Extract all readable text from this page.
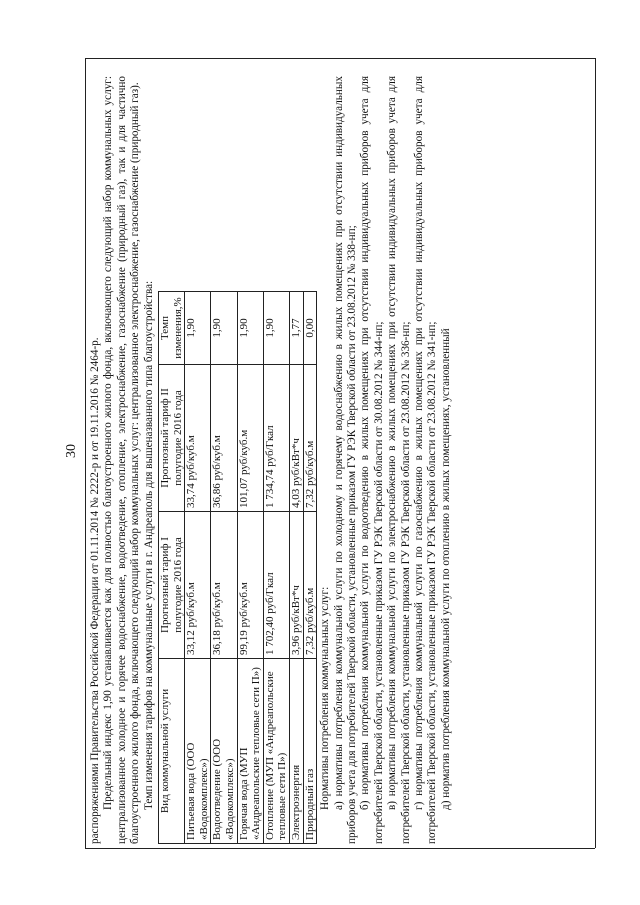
30 распоряжениями Правительства Российской Федерации от 01.11.2014 № 2222-р и от 19.11.2016 № 2464-р. Предельный индекс 1,90 устанавливается как для полностью благоустроенного жилого фонда, включающего следующий набор коммунальных услуг: централизованное холодное и горячее водоснабжение, водоотведение, отопление, электроснабжение, газоснабжение (природный газ), так и для частично благоустроенного жилого фонда, включающего следующий набор коммунальных услуг: централизованное электроснабжение, газоснабжение (природный газ). Темп изменения тарифов на коммунальные услуги в г. Андреаполь для вышеназванного типа благоустройства: Вид коммунальной услуги	Прогнозный тариф I полугодие 2016 года	Прогнозный тариф II полугодие 2016 года	Темп изменения,%
Питьевая вода (ООО «Водокомплекс»)	33,12 руб/куб.м	33,74 руб/куб.м	1,90
Водоотведение (ООО «Водокомплекс»)	36,18 руб/куб.м	36,86 руб/куб.м	1,90
Горячая вода (МУП «Андреапольские тепловые сети П»)	99,19 руб/куб.м	101,07 руб/куб.м	1,90
Отопление (МУП «Андреапольские тепловые сети П»)	1 702,40 руб/Гкал	1 734,74 руб/Гкал	1,90
Электроэнергия	3,96 руб/кВт*ч	4,03 руб/кВт*ч	1,77
Природный газ	7,32 руб/куб.м	7,32 руб/куб.м	0,00

Нормативы потребления коммунальных услуг: а) нормативы потребления коммунальной услуги по холодному и горячему водоснабжению в жилых помещениях при отсутствии индивидуальных приборов учета для потребителей Тверской области, установленные приказом ГУ РЭК Тверской области от 23.08.2012 № 338-нп; б) нормативы потребления коммунальной услуги по водоотведению в жилых помещениях при отсутствии индивидуальных приборов учета для потребителей Тверской области, установленные приказом ГУ РЭК Тверской области от 30.08.2012 № 344-нп; в) нормативы потребления коммунальной услуги по электроснабжению в жилых помещениях при отсутствии индивидуальных приборов учета для потребителей Тверской области, установленные приказом ГУ РЭК Тверской области от 23.08.2012 № 336-нп; г) нормативы потребления коммунальной услуги по газоснабжению в жилых помещениях при отсутствии индивидуальных приборов учета для потребителей Тверской области, установленные приказом ГУ РЭК Тверской области от 23.08.2012 № 341-нп; д) норматив потребления коммунальной услуги по отоплению в жилых помещениях, установленный
